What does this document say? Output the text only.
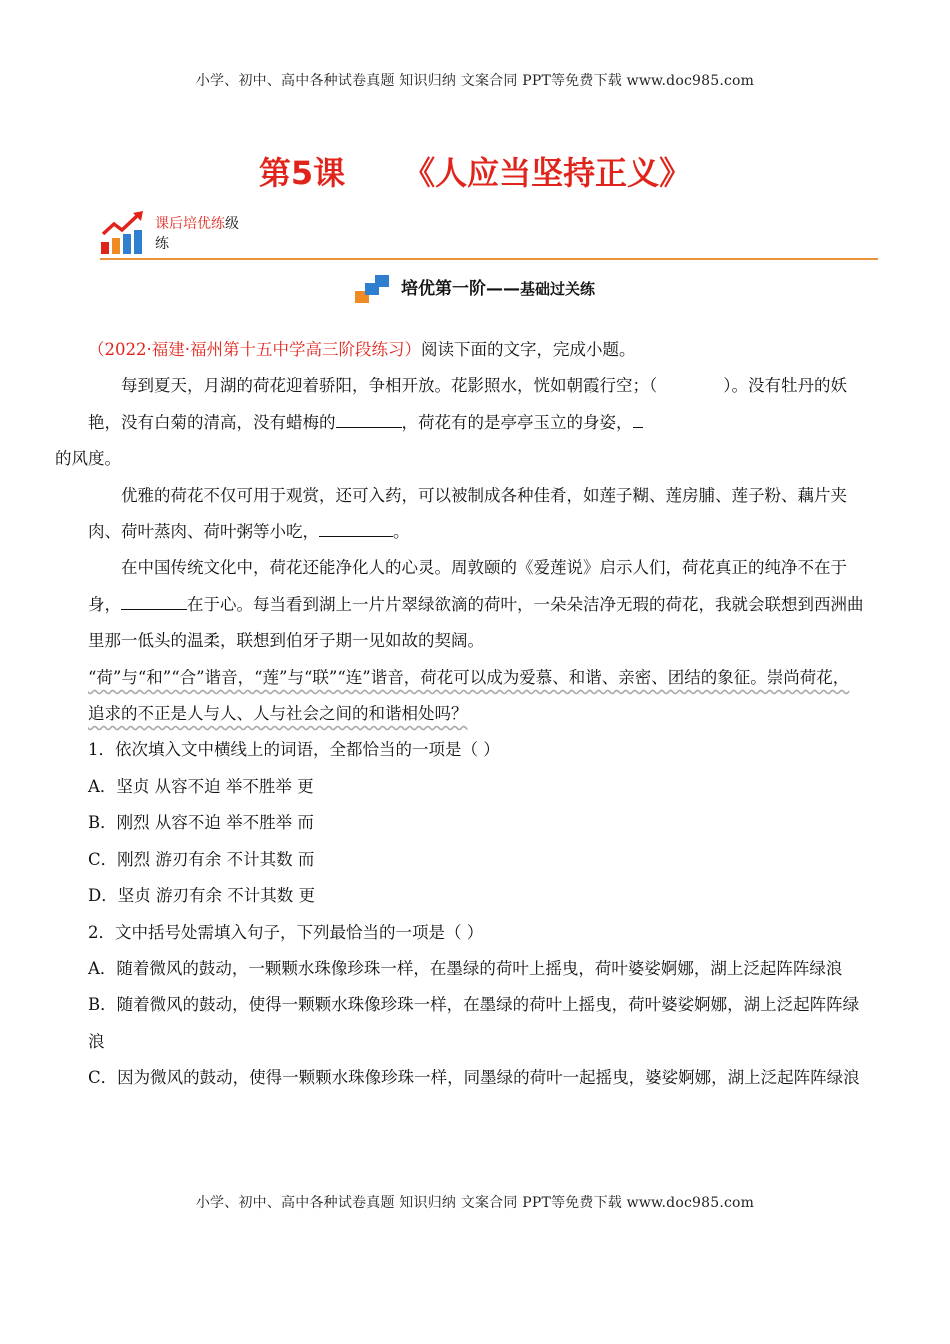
小学、初中、高中各种试卷真题 知识归纳 文案合同 PPT等免费下载 www.doc985.com
第5课 《人应当坚持正义》
课后培优练级
练
培优第一阶——基础过关练

（2022·福建·福州第十五中学高三阶段练习）阅读下面的文字，完成小题。

每到夏天，月湖的荷花迎着骄阳，争相开放。花影照水，恍如朝霞行空；（	）。没有牡丹的妖艳，没有白菊的清高，没有蜡梅的	，荷花有的是亭亭玉立的身姿，
的风度。

优雅的荷花不仅可用于观赏，还可入药，可以被制成各种佳肴，如莲子糊、莲房脯、莲子粉、藕片夹肉、荷叶蒸肉、荷叶粥等小吃，	。

在中国传统文化中，荷花还能净化人的心灵。周敦颐的《爱莲说》启示人们，荷花真正的纯净不在于身，	在于心。每当看到湖上一片片翠绿欲滴的荷叶，一朵朵洁净无瑕的荷花，我就会联想到西洲曲里那一低头的温柔，联想到伯牙子期一见如故的契阔。

“荷”与“和”“合”谐音，“莲”与“联”“连”谐音，荷花可以成为爱慕、和谐、亲密、团结的象征。崇尚荷花，追求的不正是人与人、人与社会之间的和谐相处吗？

1．依次填入文中横线上的词语，全都恰当的一项是（ ）

A．坚贞 从容不迫 举不胜举 更

B．刚烈 从容不迫 举不胜举 而

C．刚烈 游刃有余 不计其数 而

D．坚贞 游刃有余 不计其数 更

2．文中括号处需填入句子，下列最恰当的一项是（ ）

A．随着微风的鼓动，一颗颗水珠像珍珠一样，在墨绿的荷叶上摇曳，荷叶婆娑婀娜，湖上泛起阵阵绿浪

B．随着微风的鼓动，使得一颗颗水珠像珍珠一样，在墨绿的荷叶上摇曳，荷叶婆娑婀娜，湖上泛起阵阵绿浪

C．因为微风的鼓动，使得一颗颗水珠像珍珠一样，同墨绿的荷叶一起摇曳，婆娑婀娜，湖上泛起阵阵绿浪

小学、初中、高中各种试卷真题 知识归纳 文案合同 PPT等免费下载 www.doc985.com
